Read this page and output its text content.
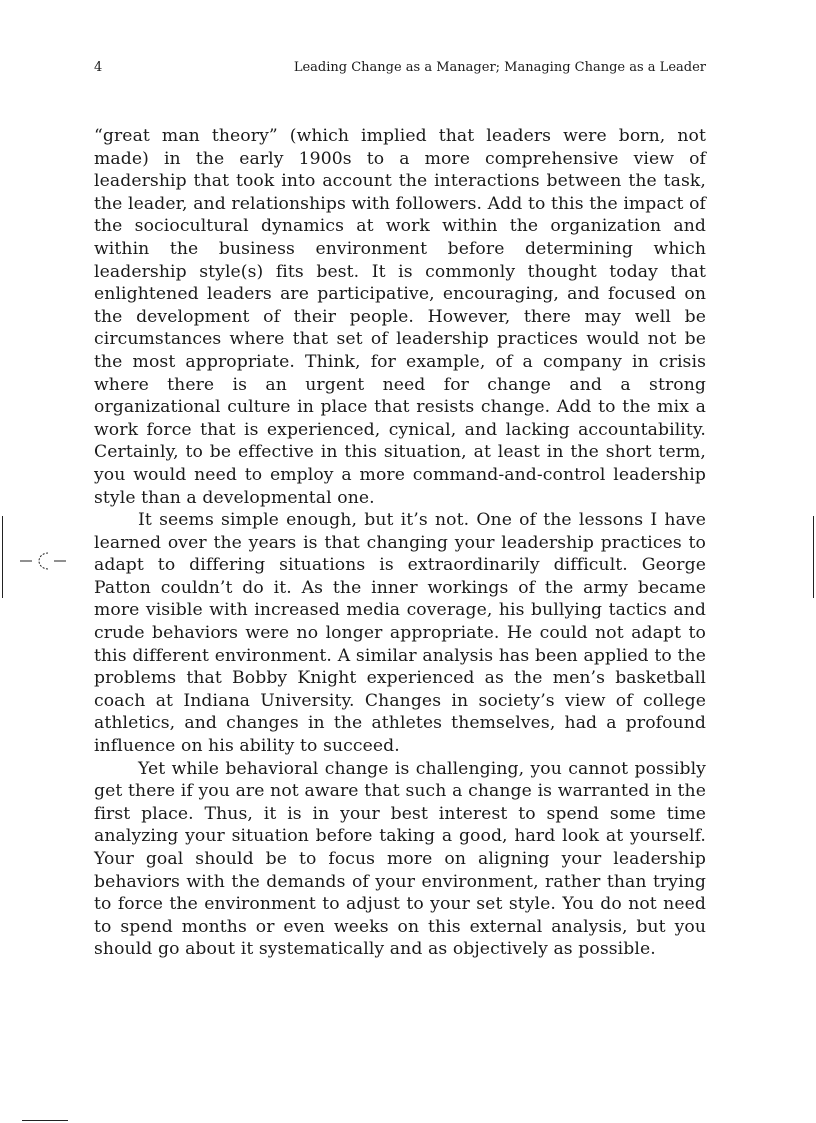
4	Leading Change as a Manager; Managing Change as a Leader

“great man theory” (which implied that leaders were born, not made) in the early 1900s to a more comprehensive view of leadership that took into account the interactions between the task, the leader, and relationships with followers. Add to this the impact of the sociocultural dynamics at work within the organization and within the business environment before determining which leadership style(s) fits best. It is commonly thought today that enlightened leaders are participative, encouraging, and focused on the development of their people. However, there may well be circumstances where that set of leadership practices would not be the most appropriate. Think, for example, of a company in crisis where there is an urgent need for change and a strong organizational culture in place that resists change. Add to the mix a work force that is experienced, cynical, and lacking accountability. Certainly, to be effective in this situation, at least in the short term, you would need to employ a more command-and-control leadership style than a developmental one.

It seems simple enough, but it’s not. One of the lessons I have learned over the years is that changing your leadership practices to adapt to differing situations is extraordinarily difficult. George Patton couldn’t do it. As the inner workings of the army became more visible with increased media coverage, his bullying tactics and crude behaviors were no longer appropriate. He could not adapt to this different environment. A similar analysis has been applied to the problems that Bobby Knight experienced as the men’s basketball coach at Indiana University. Changes in society’s view of college athletics, and changes in the athletes themselves, had a profound influence on his ability to succeed.

Yet while behavioral change is challenging, you cannot possibly get there if you are not aware that such a change is warranted in the first place. Thus, it is in your best interest to spend some time analyzing your situation before taking a good, hard look at yourself. Your goal should be to focus more on aligning your leadership behaviors with the demands of your environment, rather than trying to force the environment to adjust to your set style. You do not need to spend months or even weeks on this external analysis, but you should go about it systematically and as objectively as possible.
